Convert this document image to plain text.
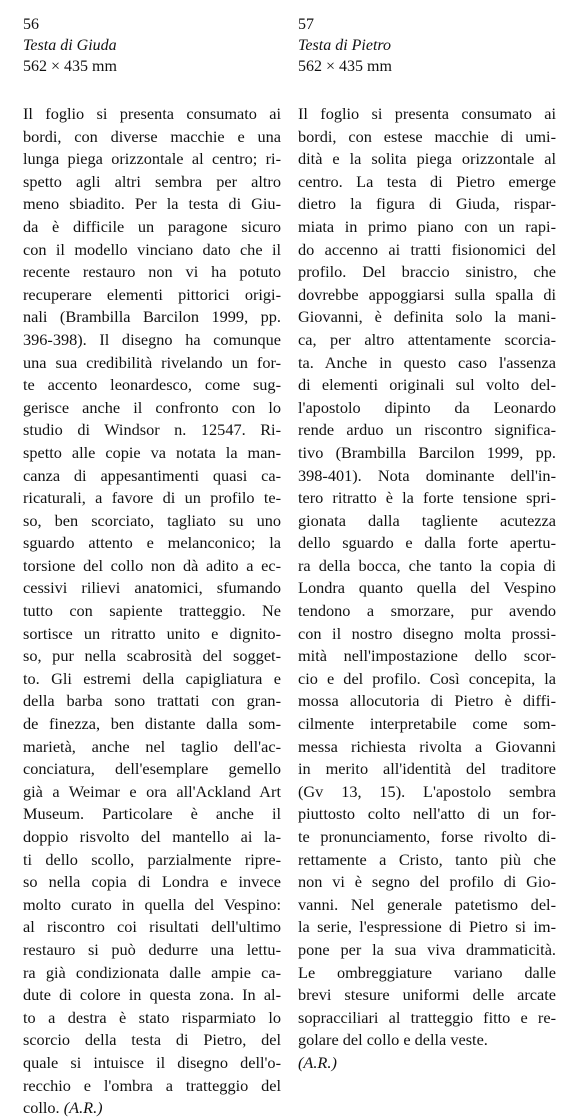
56
Testa di Giuda
562 × 435 mm
Il foglio si presenta consumato ai
bordi, con diverse macchie e una
lunga piega orizzontale al centro; ri-
spetto agli altri sembra per altro
meno sbiadito. Per la testa di Giu-
da è difficile un paragone sicuro
con il modello vinciano dato che il
recente restauro non vi ha potuto
recuperare elementi pittorici origi-
nali (Brambilla Barcilon 1999, pp.
396-398). Il disegno ha comunque
una sua credibilità rivelando un for-
te accento leonardesco, come sug-
gerisce anche il confronto con lo
studio di Windsor n. 12547. Ri-
spetto alle copie va notata la man-
canza di appesantimenti quasi ca-
ricaturali, a favore di un profilo te-
so, ben scorciato, tagliato su uno
sguardo attento e melanconico; la
torsione del collo non dà adito a ec-
cessivi rilievi anatomici, sfumando
tutto con sapiente tratteggio. Ne
sortisce un ritratto unito e dignito-
so, pur nella scabrosità del sogget-
to. Gli estremi della capigliatura e
della barba sono trattati con gran-
de finezza, ben distante dalla som-
marietà, anche nel taglio dell'ac-
conciatura, dell'esemplare gemello
già a Weimar e ora all'Ackland Art
Museum. Particolare è anche il
doppio risvolto del mantello ai la-
ti dello scollo, parzialmente ripre-
so nella copia di Londra e invece
molto curato in quella del Vespino:
al riscontro coi risultati dell'ultimo
restauro si può dedurre una lettu-
ra già condizionata dalle ampie ca-
dute di colore in questa zona. In al-
to a destra è stato risparmiato lo
scorcio della testa di Pietro, del
quale si intuisce il disegno dell'o-
recchio e l'ombra a tratteggio del
collo. (A.R.)
57
Testa di Pietro
562 × 435 mm
Il foglio si presenta consumato ai
bordi, con estese macchie di umi-
dità e la solita piega orizzontale al
centro. La testa di Pietro emerge
dietro la figura di Giuda, rispar-
miata in primo piano con un rapi-
do accenno ai tratti fisionomici del
profilo. Del braccio sinistro, che
dovrebbe appoggiarsi sulla spalla di
Giovanni, è definita solo la mani-
ca, per altro attentamente scorcia-
ta. Anche in questo caso l'assenza
di elementi originali sul volto del-
l'apostolo dipinto da Leonardo
rende arduo un riscontro significa-
tivo (Brambilla Barcilon 1999, pp.
398-401). Nota dominante dell'in-
tero ritratto è la forte tensione spri-
gionata dalla tagliente acutezza
dello sguardo e dalla forte apertu-
ra della bocca, che tanto la copia di
Londra quanto quella del Vespino
tendono a smorzare, pur avendo
con il nostro disegno molta prossi-
mità nell'impostazione dello scor-
cio e del profilo. Così concepita, la
mossa allocutoria di Pietro è diffi-
cilmente interpretabile come som-
messa richiesta rivolta a Giovanni
in merito all'identità del traditore
(Gv 13, 15). L'apostolo sembra
piuttosto colto nell'atto di un for-
te pronunciamento, forse rivolto di-
rettamente a Cristo, tanto più che
non vi è segno del profilo di Gio-
vanni. Nel generale patetismo del-
la serie, l'espressione di Pietro si im-
pone per la sua viva drammaticità.
Le ombreggiature variano dalle
brevi stesure uniformi delle arcate
sopracciliari al tratteggio fitto e re-
golare del collo e della veste.
(A.R.)
